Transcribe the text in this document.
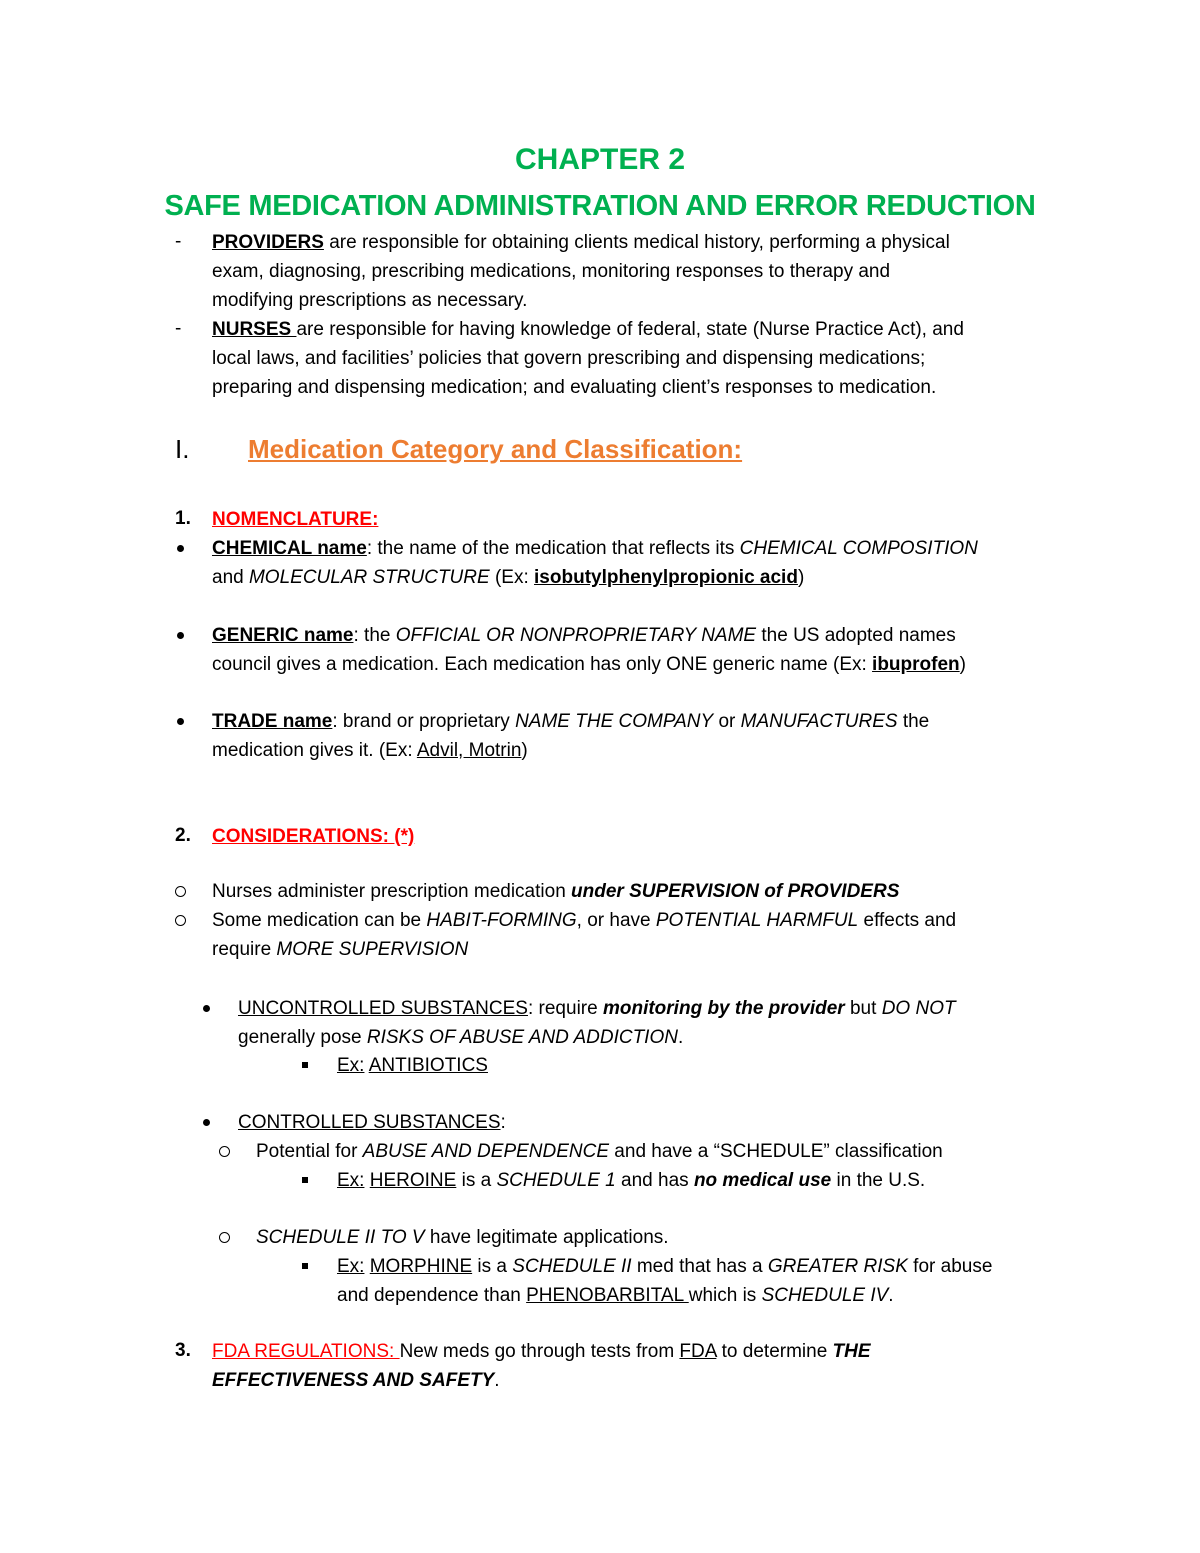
CHAPTER 2
SAFE MEDICATION ADMINISTRATION AND ERROR REDUCTION
- PROVIDERS are responsible for obtaining clients medical history, performing a physical
exam, diagnosing, prescribing medications, monitoring responses to therapy and
modifying prescriptions as necessary.
- NURSES are responsible for having knowledge of federal, state (Nurse Practice Act), and
local laws, and facilities’ policies that govern prescribing and dispensing medications;
preparing and dispensing medication; and evaluating client’s responses to medication.
I. Medication Category and Classification:
1. NOMENCLATURE:
CHEMICAL name: the name of the medication that reflects its CHEMICAL COMPOSITION
and MOLECULAR STRUCTURE (Ex: isobutylphenylpropionic acid)
GENERIC name: the OFFICIAL OR NONPROPRIETARY NAME the US adopted names
council gives a medication. Each medication has only ONE generic name (Ex: ibuprofen)
TRADE name: brand or proprietary NAME THE COMPANY or MANUFACTURES the
medication gives it. (Ex: Advil, Motrin)
2. CONSIDERATIONS: (*)
Nurses administer prescription medication under SUPERVISION of PROVIDERS
Some medication can be HABIT-FORMING, or have POTENTIAL HARMFUL effects and
require MORE SUPERVISION
UNCONTROLLED SUBSTANCES: require monitoring by the provider but DO NOT
generally pose RISKS OF ABUSE AND ADDICTION.
Ex: ANTIBIOTICS
CONTROLLED SUBSTANCES:
Potential for ABUSE AND DEPENDENCE and have a “SCHEDULE” classification
Ex: HEROINE is a SCHEDULE 1 and has no medical use in the U.S.
SCHEDULE II TO V have legitimate applications.
Ex: MORPHINE is a SCHEDULE II med that has a GREATER RISK for abuse
and dependence than PHENOBARBITAL which is SCHEDULE IV.
3. FDA REGULATIONS: New meds go through tests from FDA to determine THE
EFFECTIVENESS AND SAFETY.
